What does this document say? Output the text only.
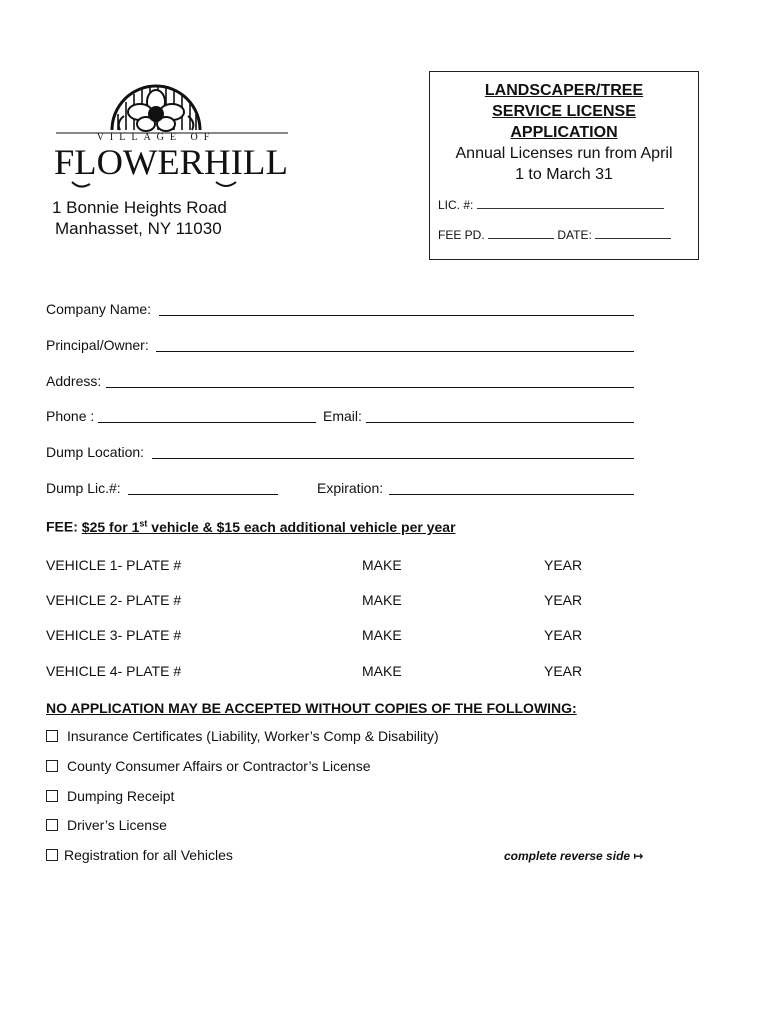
VILLAGE OF
FLOWER HILL
1 Bonnie Heights Road
Manhasset, NY 11030
LANDSCAPER/TREE
SERVICE LICENSE
APPLICATION
Annual Licenses run from April
1 to March 31
LIC. #:
FEE PD.	DATE:
Company Name:
Principal/Owner:
Address:
Phone :	Email:
Dump Location:
Dump Lic.#:	Expiration:
FEE: $25 for 1st vehicle & $15 each additional vehicle per year
VEHICLE 1- PLATE #	MAKE	YEAR
VEHICLE 2- PLATE #	MAKE	YEAR
VEHICLE 3- PLATE #	MAKE	YEAR
VEHICLE 4- PLATE #	MAKE	YEAR
NO APPLICATION MAY BE ACCEPTED WITHOUT COPIES OF THE FOLLOWING:
Insurance Certificates (Liability, Worker’s Comp & Disability)
County Consumer Affairs or Contractor’s License
Dumping Receipt
Driver’s License
Registration for all Vehicles	complete reverse side ↦
